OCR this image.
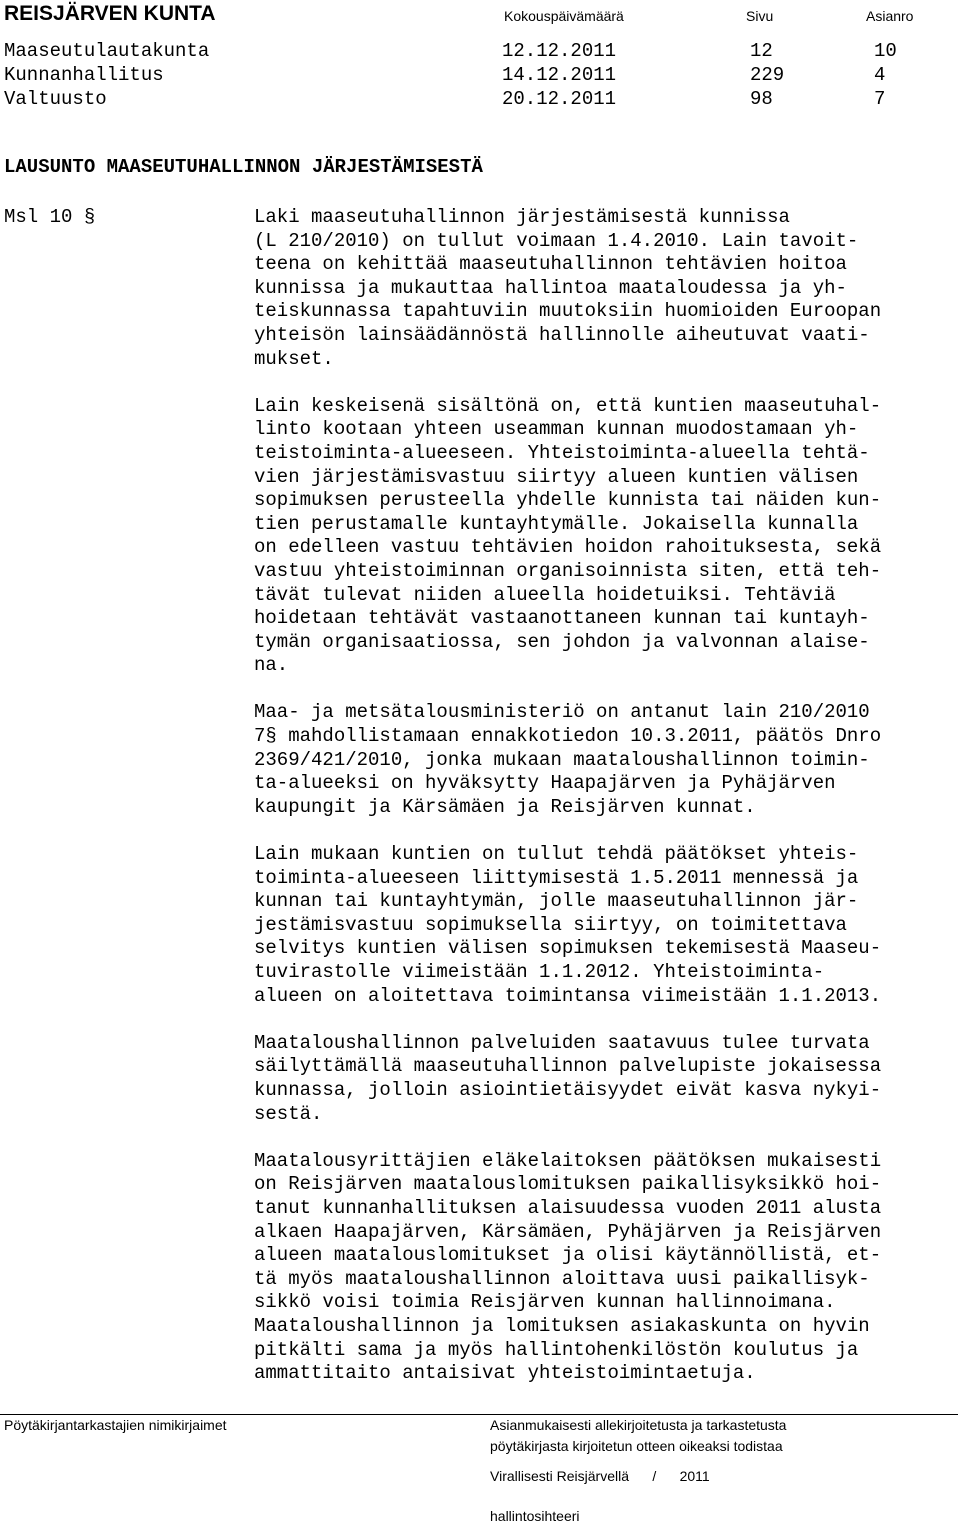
REISJÄRVEN KUNTA	Kokouspäivämäärä	Sivu	Asianro
Maaseutulautakunta	12.12.2011	12	10
Kunnanhallitus	14.12.2011	229	4
Valtuusto	20.12.2011	98	7
LAUSUNTO MAASEUTUHALLINNON JÄRJESTÄMISESTÄ
Msl 10 §	Laki maaseutuhallinnon järjestämisestä kunnissa
(L 210/2010) on tullut voimaan 1.4.2010. Lain tavoit-
teena on kehittää maaseutuhallinnon tehtävien hoitoa
kunnissa ja mukauttaa hallintoa maataloudessa ja yh-
teiskunnassa tapahtuviin muutoksiin huomioiden Euroopan
yhteisön lainsäädännöstä hallinnolle aiheutuvat vaati-
mukset.

Lain keskeisenä sisältönä on, että kuntien maaseutuhal-
linto kootaan yhteen useamman kunnan muodostamaan yh-
teistoiminta-alueeseen. Yhteistoiminta-alueella tehtä-
vien järjestämisvastuu siirtyy alueen kuntien välisen
sopimuksen perusteella yhdelle kunnista tai näiden kun-
tien perustamalle kuntayhtymälle. Jokaisella kunnalla
on edelleen vastuu tehtävien hoidon rahoituksesta, sekä
vastuu yhteistoiminnan organisoinnista siten, että teh-
tävät tulevat niiden alueella hoidetuiksi. Tehtäviä
hoidetaan tehtävät vastaanottaneen kunnan tai kuntayh-
tymän organisaatiossa, sen johdon ja valvonnan alaise-
na.

Maa- ja metsätalousministeriö on antanut lain 210/2010
7§ mahdollistamaan ennakkotiedon 10.3.2011, päätös Dnro
2369/421/2010, jonka mukaan maataloushallinnon toimin-
ta-alueeksi on hyväksytty Haapajärven ja Pyhäjärven
kaupungit ja Kärsämäen ja Reisjärven kunnat.

Lain mukaan kuntien on tullut tehdä päätökset yhteis-
toiminta-alueeseen liittymisestä 1.5.2011 mennessä ja
kunnan tai kuntayhtymän, jolle maaseutuhallinnon jär-
jestämisvastuu sopimuksella siirtyy, on toimitettava
selvitys kuntien välisen sopimuksen tekemisestä Maaseu-
tuvirastolle viimeistään 1.1.2012. Yhteistoiminta-
alueen on aloitettava toimintansa viimeistään 1.1.2013.

Maataloushallinnon palveluiden saatavuus tulee turvata
säilyttämällä maaseutuhallinnon palvelupiste jokaisessa
kunnassa, jolloin asiointietäisyydet eivät kasva nykyi-
sestä.

Maatalousyrittäjien eläkelaitoksen päätöksen mukaisesti
on Reisjärven maatalouslomituksen paikallisyksikkö hoi-
tanut kunnanhallituksen alaisuudessa vuoden 2011 alusta
alkaen Haapajärven, Kärsämäen, Pyhäjärven ja Reisjärven
alueen maatalouslomitukset ja olisi käytännöllistä, et-
tä myös maataloushallinnon aloittava uusi paikallisyk-
sikkö voisi toimia Reisjärven kunnan hallinnoimana.
Maataloushallinnon ja lomituksen asiakaskunta on hyvin
pitkälti sama ja myös hallintohenkilöstön koulutus ja
ammattitaito antaisivat yhteistoimintaetuja.

Pöytäkirjantarkastajien nimikirjaimet	Asianmukaisesti allekirjoitetusta ja tarkastetusta
pöytäkirjasta kirjoitetun otteen oikeaksi todistaa
Virallisesti Reisjärvellä      /      2011
hallintosihteeri
